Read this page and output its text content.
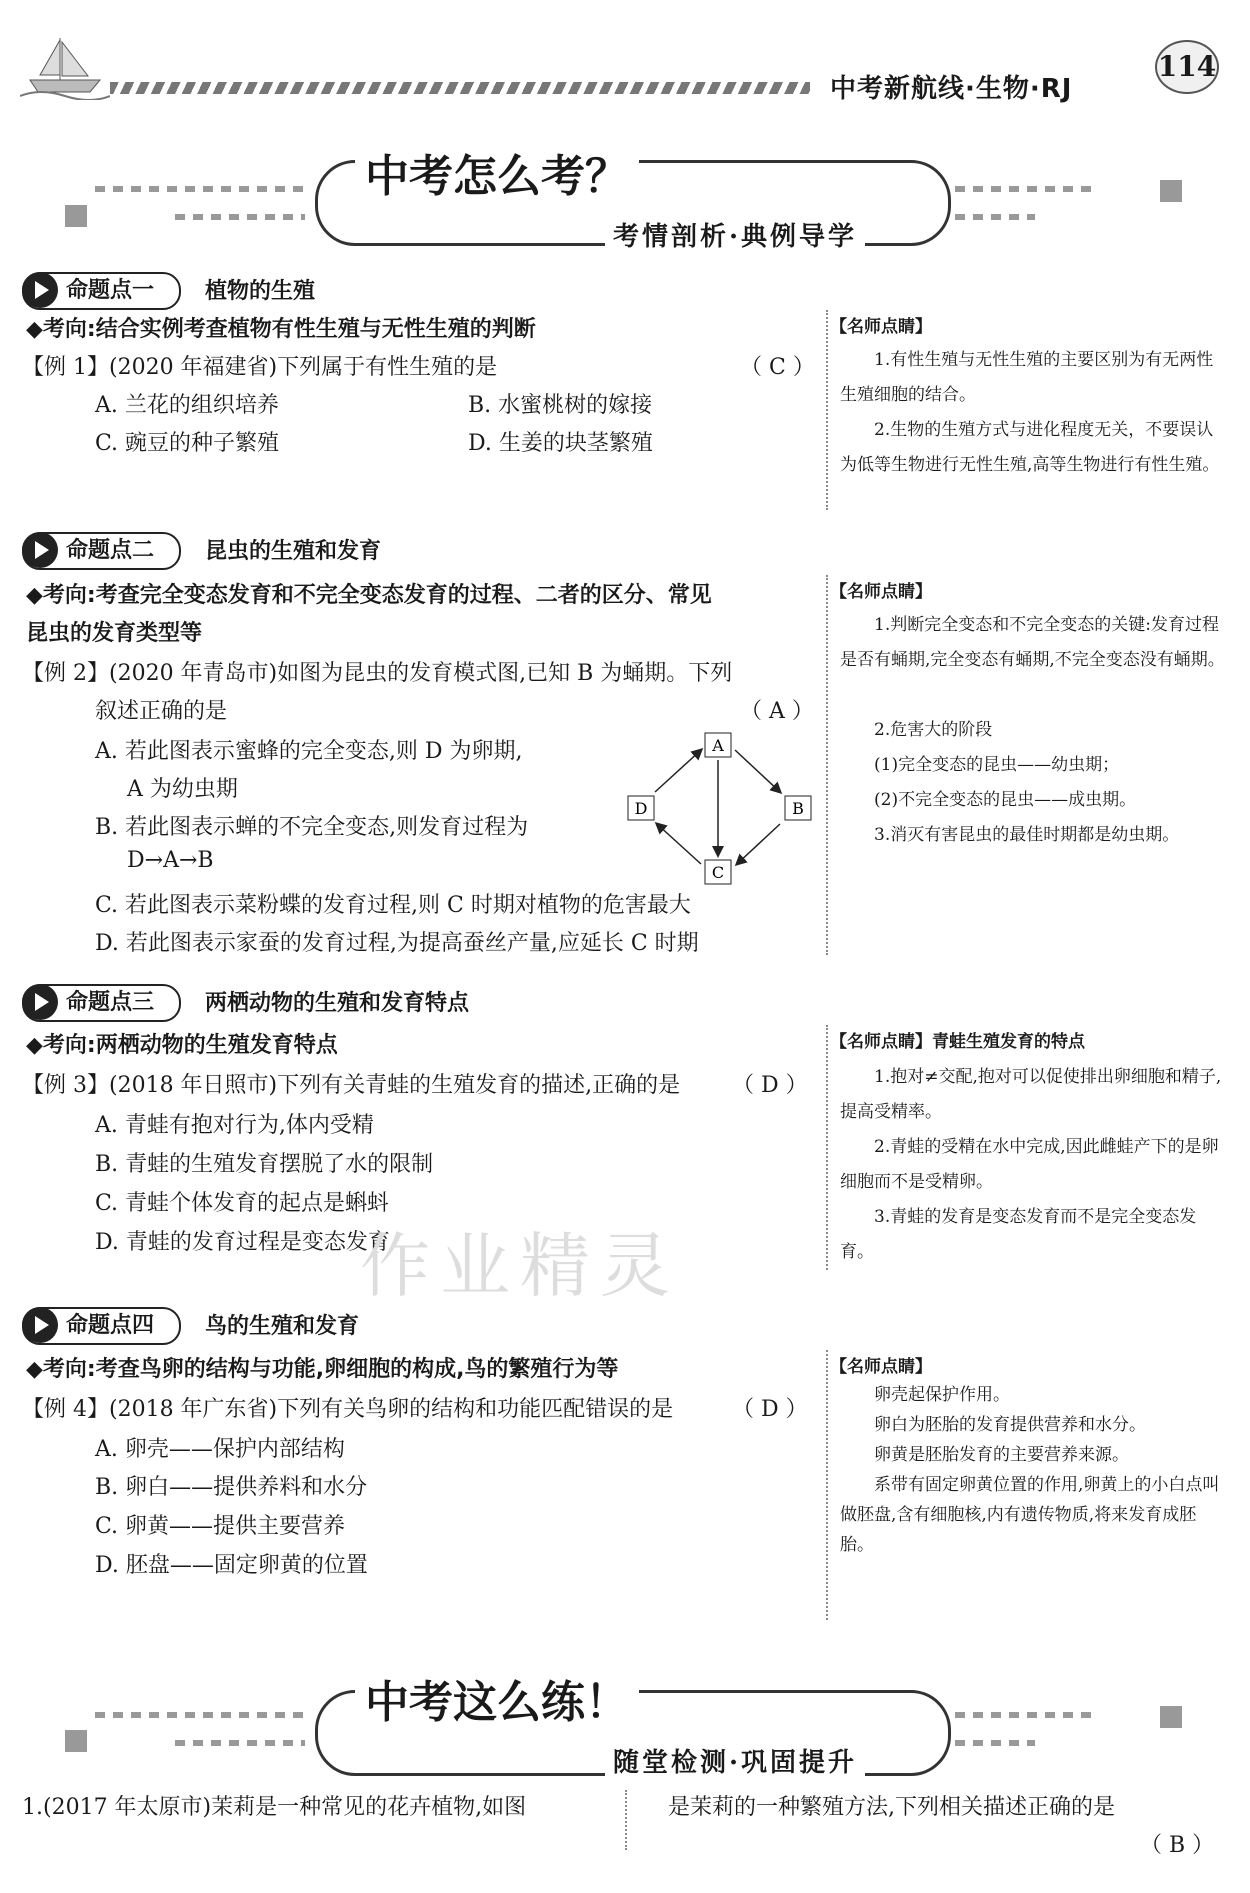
中考新航线·生物·RJ
114
中考怎么考？
考情剖析·典例导学
命题点一 植物的生殖
◆考向:结合实例考查植物有性生殖与无性生殖的判断
【例 1】(2020 年福建省)下列属于有性生殖的是	（ C ）
A. 兰花的组织培养	B. 水蜜桃树的嫁接
C. 豌豆的种子繁殖	D. 生姜的块茎繁殖
【名师点睛】
1.有性生殖与无性生殖的主要区别为有无两性生殖细胞的结合。
2.生物的生殖方式与进化程度无关，不要误认为低等生物进行无性生殖,高等生物进行有性生殖。
命题点二 昆虫的生殖和发育
◆考向:考查完全变态发育和不完全变态发育的过程、二者的区分、常见
昆虫的发育类型等
【例 2】(2020 年青岛市)如图为昆虫的发育模式图,已知 B 为蛹期。下列
叙述正确的是	（ A ）
A. 若此图表示蜜蜂的完全变态,则 D 为卵期,
A 为幼虫期
B. 若此图表示蝉的不完全变态,则发育过程为
D→A→B
C. 若此图表示菜粉蝶的发育过程,则 C 时期对植物的危害最大
D. 若此图表示家蚕的发育过程,为提高蚕丝产量,应延长 C 时期
A
B
C
D
【名师点睛】
1.判断完全变态和不完全变态的关键:发育过程是否有蛹期,完全变态有蛹期,不完全变态没有蛹期。
2.危害大的阶段
(1)完全变态的昆虫——幼虫期；
(2)不完全变态的昆虫——成虫期。
3.消灭有害昆虫的最佳时期都是幼虫期。
命题点三 两栖动物的生殖和发育特点
◆考向:两栖动物的生殖发育特点
【例 3】(2018 年日照市)下列有关青蛙的生殖发育的描述,正确的是 （ D ）
A. 青蛙有抱对行为,体内受精
B. 青蛙的生殖发育摆脱了水的限制
C. 青蛙个体发育的起点是蝌蚪
D. 青蛙的发育过程是变态发育
【名师点睛】青蛙生殖发育的特点
1.抱对≠交配,抱对可以促使排出卵细胞和精子,提高受精率。
2.青蛙的受精在水中完成,因此雌蛙产下的是卵细胞而不是受精卵。
3.青蛙的发育是变态发育而不是完全变态发育。
命题点四 鸟的生殖和发育
◆考向:考查鸟卵的结构与功能,卵细胞的构成,鸟的繁殖行为等
【例 4】(2018 年广东省)下列有关鸟卵的结构和功能匹配错误的是	（ D ）
A. 卵壳——保护内部结构
B. 卵白——提供养料和水分
C. 卵黄——提供主要营养
D. 胚盘——固定卵黄的位置
【名师点睛】
卵壳起保护作用。
卵白为胚胎的发育提供营养和水分。
卵黄是胚胎发育的主要营养来源。
系带有固定卵黄位置的作用,卵黄上的小白点叫做胚盘,含有细胞核,内有遗传物质,将来发育成胚胎。
作业精灵
中考这么练！
随堂检测·巩固提升
1.(2017 年太原市)茉莉是一种常见的花卉植物,如图	是茉莉的一种繁殖方法,下列相关描述正确的是
（ B ）
